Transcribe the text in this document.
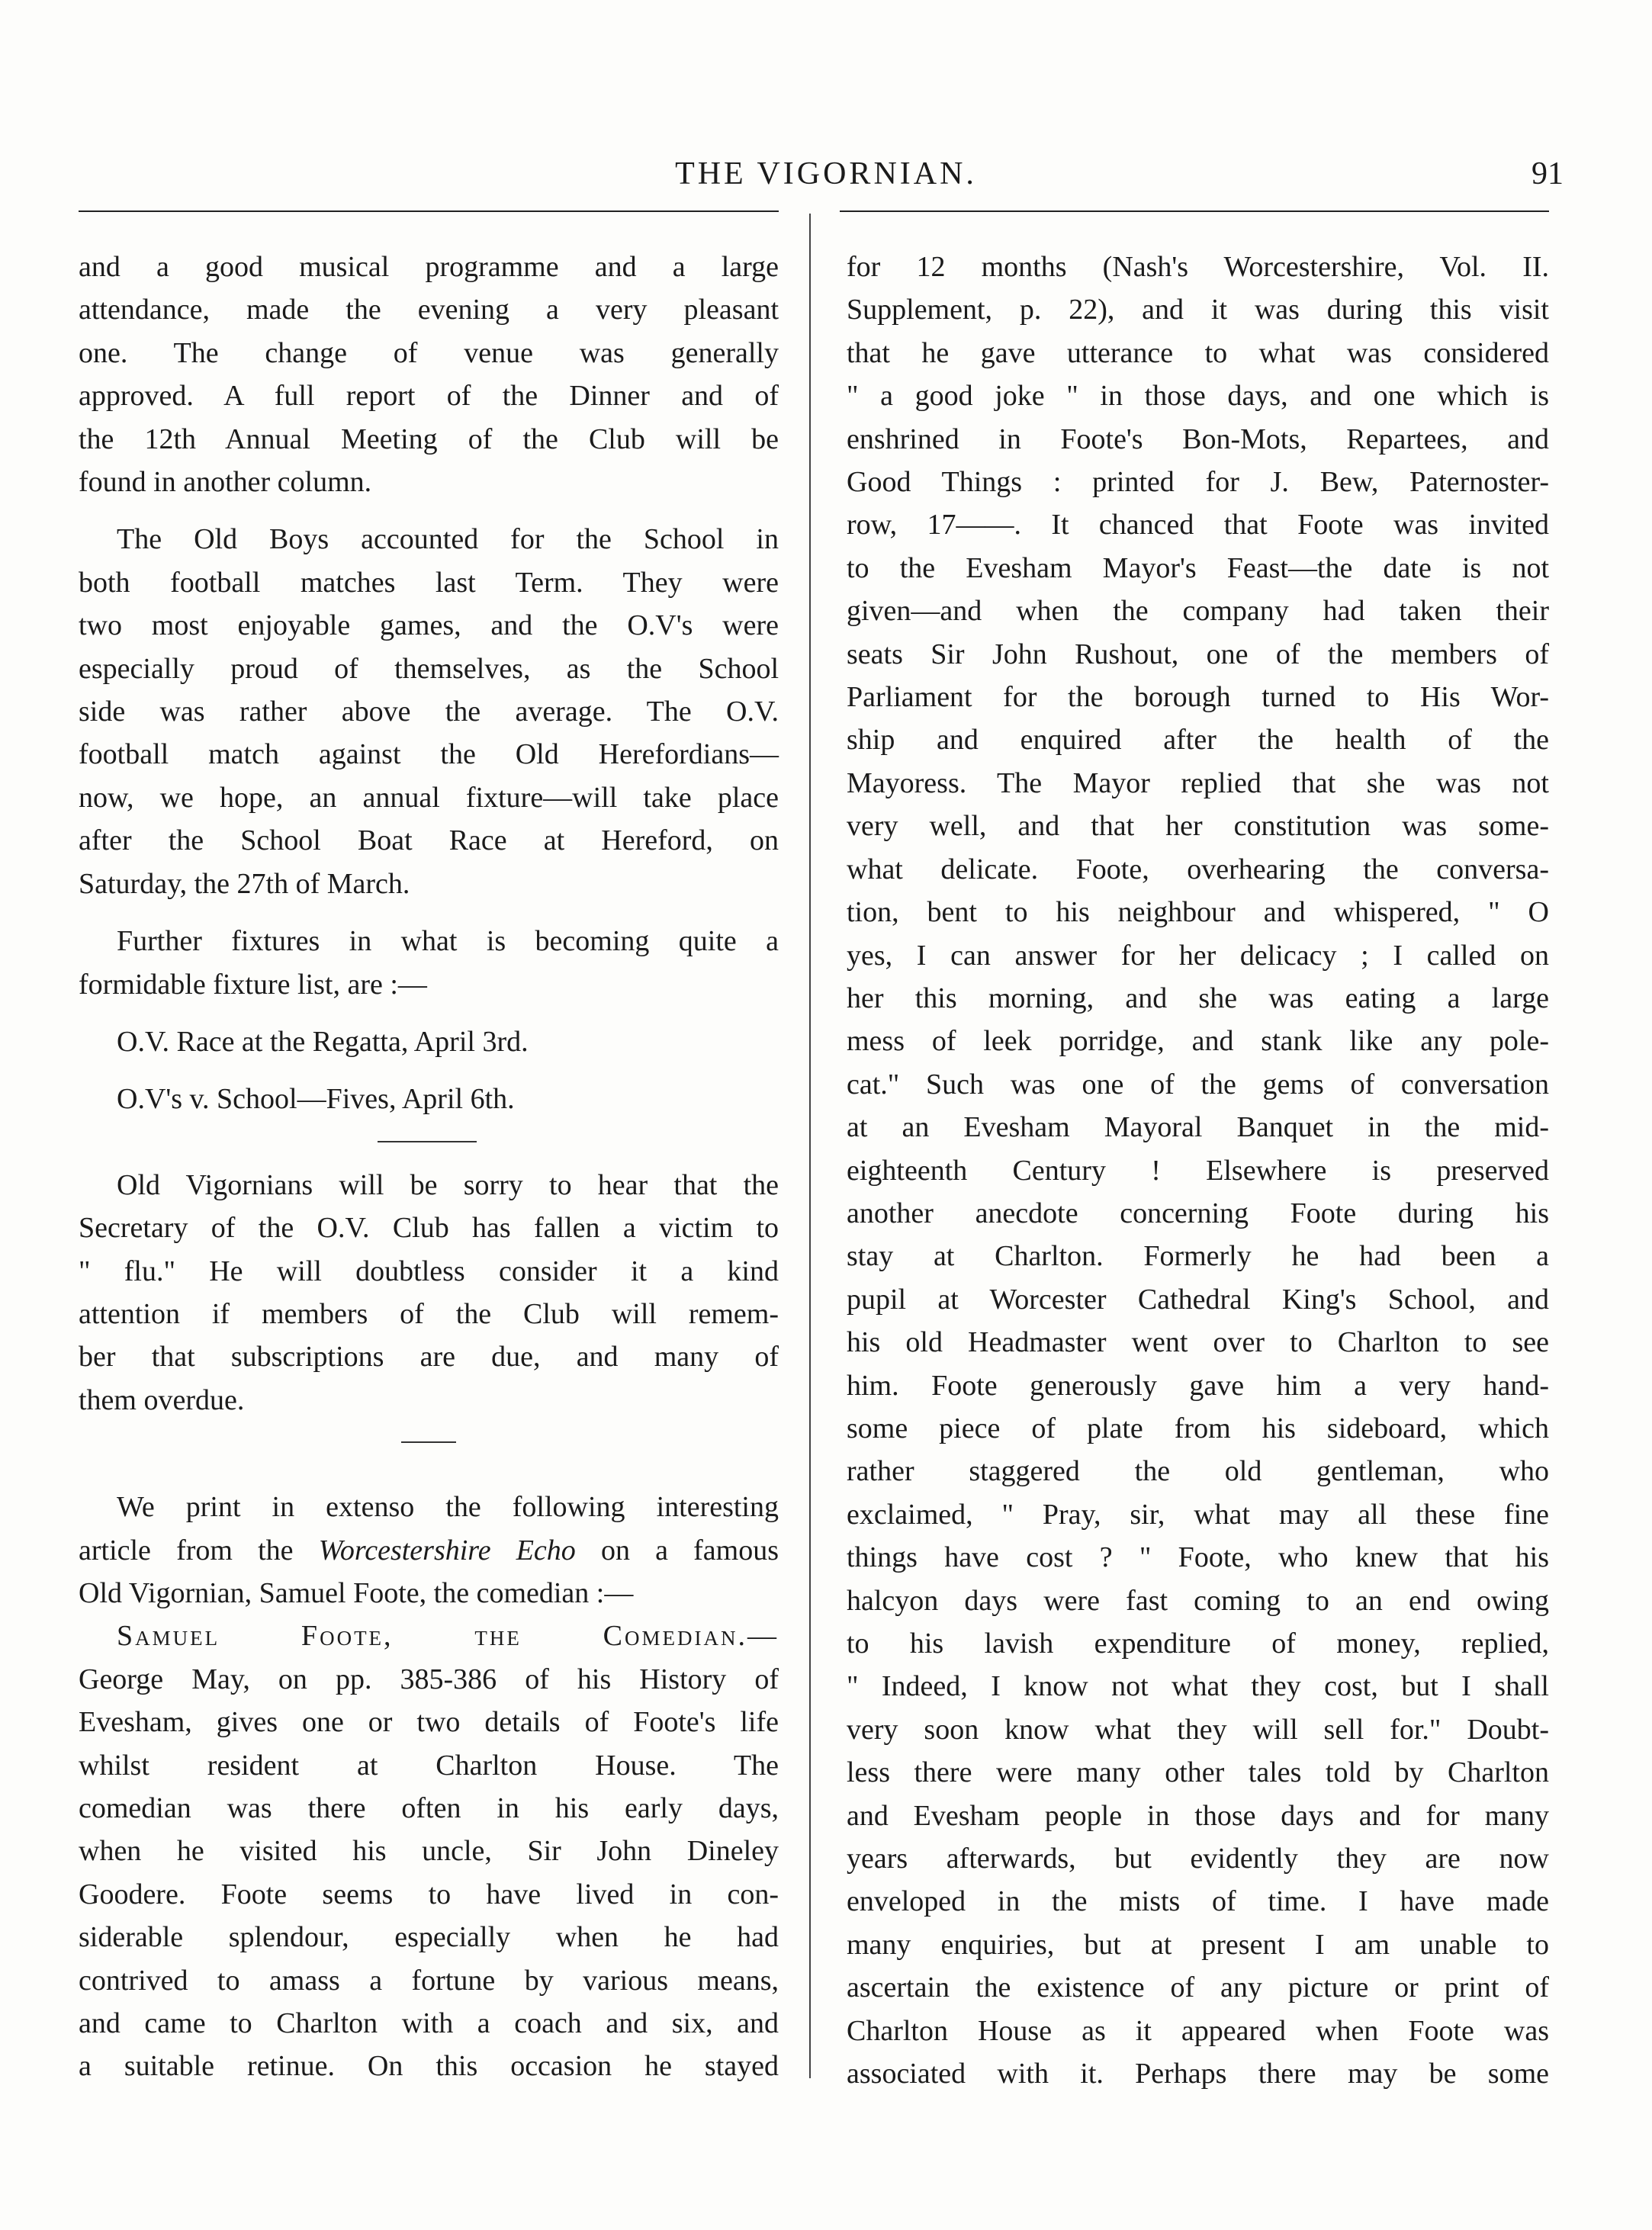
THE VIGORNIAN.	91
and a good musical programme and a large
attendance, made the evening a very pleasant
one. The change of venue was generally
approved. A full report of the Dinner and of
the 12th Annual Meeting of the Club will be
found in another column.
The Old Boys accounted for the School in
both football matches last Term. They were
two most enjoyable games, and the O.V's were
especially proud of themselves, as the School
side was rather above the average. The O.V.
football match against the Old Herefordians—
now, we hope, an annual fixture—will take place
after the School Boat Race at Hereford, on
Saturday, the 27th of March.
Further fixtures in what is becoming quite a
formidable fixture list, are :—
O.V. Race at the Regatta, April 3rd.
O.V's v. School—Fives, April 6th.
Old Vigornians will be sorry to hear that the
Secretary of the O.V. Club has fallen a victim to
" flu." He will doubtless consider it a kind
attention if members of the Club will remem-
ber that subscriptions are due, and many of
them overdue.
We print in extenso the following interesting
article from the Worcestershire Echo on a famous
Old Vigornian, Samuel Foote, the comedian :—
Samuel Foote, the Comedian.—
George May, on pp. 385-386 of his History of
Evesham, gives one or two details of Foote's life
whilst resident at Charlton House. The
comedian was there often in his early days,
when he visited his uncle, Sir John Dineley
Goodere. Foote seems to have lived in con-
siderable splendour, especially when he had
contrived to amass a fortune by various means,
and came to Charlton with a coach and six, and
a suitable retinue. On this occasion he stayed
for 12 months (Nash's Worcestershire, Vol. II.
Supplement, p. 22), and it was during this visit
that he gave utterance to what was considered
" a good joke " in those days, and one which is
enshrined in Foote's Bon-Mots, Repartees, and
Good Things : printed for J. Bew, Paternoster-
row, 17——. It chanced that Foote was invited
to the Evesham Mayor's Feast—the date is not
given—and when the company had taken their
seats Sir John Rushout, one of the members of
Parliament for the borough turned to His Wor-
ship and enquired after the health of the
Mayoress. The Mayor replied that she was not
very well, and that her constitution was some-
what delicate. Foote, overhearing the conversa-
tion, bent to his neighbour and whispered, " O
yes, I can answer for her delicacy ; I called on
her this morning, and she was eating a large
mess of leek porridge, and stank like any pole-
cat." Such was one of the gems of conversation
at an Evesham Mayoral Banquet in the mid-
eighteenth Century ! Elsewhere is preserved
another anecdote concerning Foote during his
stay at Charlton. Formerly he had been a
pupil at Worcester Cathedral King's School, and
his old Headmaster went over to Charlton to see
him. Foote generously gave him a very hand-
some piece of plate from his sideboard, which
rather staggered the old gentleman, who
exclaimed, " Pray, sir, what may all these fine
things have cost ? " Foote, who knew that his
halcyon days were fast coming to an end owing
to his lavish expenditure of money, replied,
" Indeed, I know not what they cost, but I shall
very soon know what they will sell for." Doubt-
less there were many other tales told by Charlton
and Evesham people in those days and for many
years afterwards, but evidently they are now
enveloped in the mists of time. I have made
many enquiries, but at present I am unable to
ascertain the existence of any picture or print of
Charlton House as it appeared when Foote was
associated with it. Perhaps there may be some
